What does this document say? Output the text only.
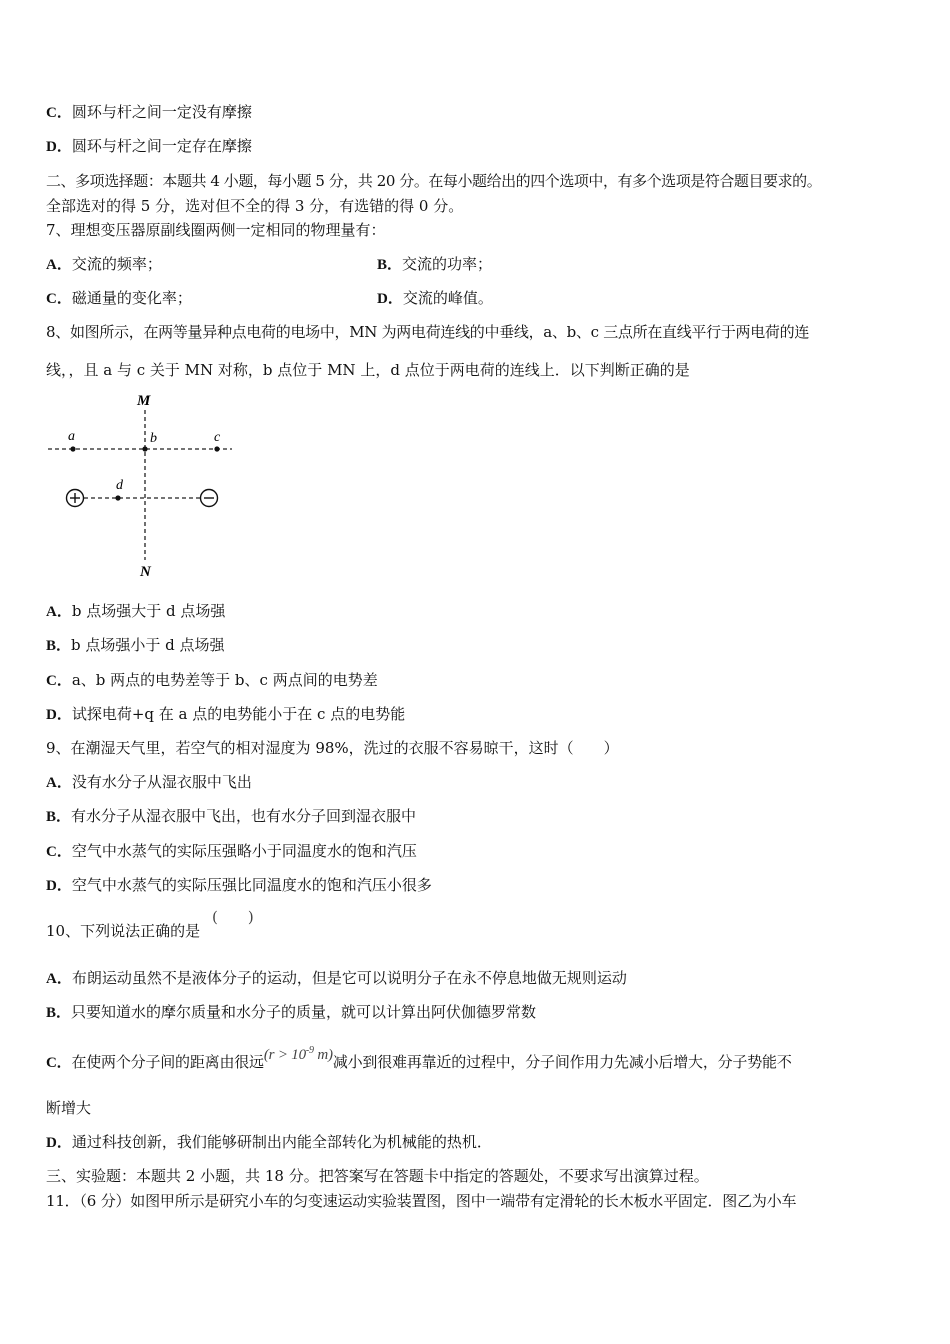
C．圆环与杆之间一定没有摩擦
D．圆环与杆之间一定存在摩擦
二、多项选择题：本题共 4 小题，每小题 5 分，共 20 分。在每小题给出的四个选项中，有多个选项是符合题目要求的。
全部选对的得 5 分，选对但不全的得 3 分，有选错的得 0 分。
7、理想变压器原副线圈两侧一定相同的物理量有：
A．交流的频率；	B．交流的功率；
C．磁通量的变化率；	D．交流的峰值。
8、如图所示，在两等量异种点电荷的电场中，MN 为两电荷连线的中垂线，a、b、c 三点所在直线平行于两电荷的连
线，，且 a 与 c 关于 MN 对称，b 点位于 MN 上，d 点位于两电荷的连线上．以下判断正确的是
M
N
a	b	c
d
A．b 点场强大于 d 点场强
B．b 点场强小于 d 点场强
C．a、b 两点的电势差等于 b、c 两点间的电势差
D．试探电荷+q 在 a 点的电势能小于在 c 点的电势能
9、在潮湿天气里，若空气的相对湿度为 98%，洗过的衣服不容易晾干，这时（　　）
A．没有水分子从湿衣服中飞出
B．有水分子从湿衣服中飞出，也有水分子回到湿衣服中
C．空气中水蒸气的实际压强略小于同温度水的饱和汽压
D．空气中水蒸气的实际压强比同温度水的饱和汽压小很多
10、下列说法正确的是
(　　)
A．布朗运动虽然不是液体分子的运动，但是它可以说明分子在永不停息地做无规则运动
B．只要知道水的摩尔质量和水分子的质量，就可以计算出阿伏伽德罗常数
C．在使两个分子间的距离由很远($r > 10^{-9}$ m)减小到很难再靠近的过程中，分子间作用力先减小后增大，分子势能不
断增大
D．通过科技创新，我们能够研制出内能全部转化为机械能的热机．
三、实验题：本题共 2 小题，共 18 分。把答案写在答题卡中指定的答题处，不要求写出演算过程。
11．（6 分）如图甲所示是研究小车的匀变速运动实验装置图，图中一端带有定滑轮的长木板水平固定．图乙为小车
